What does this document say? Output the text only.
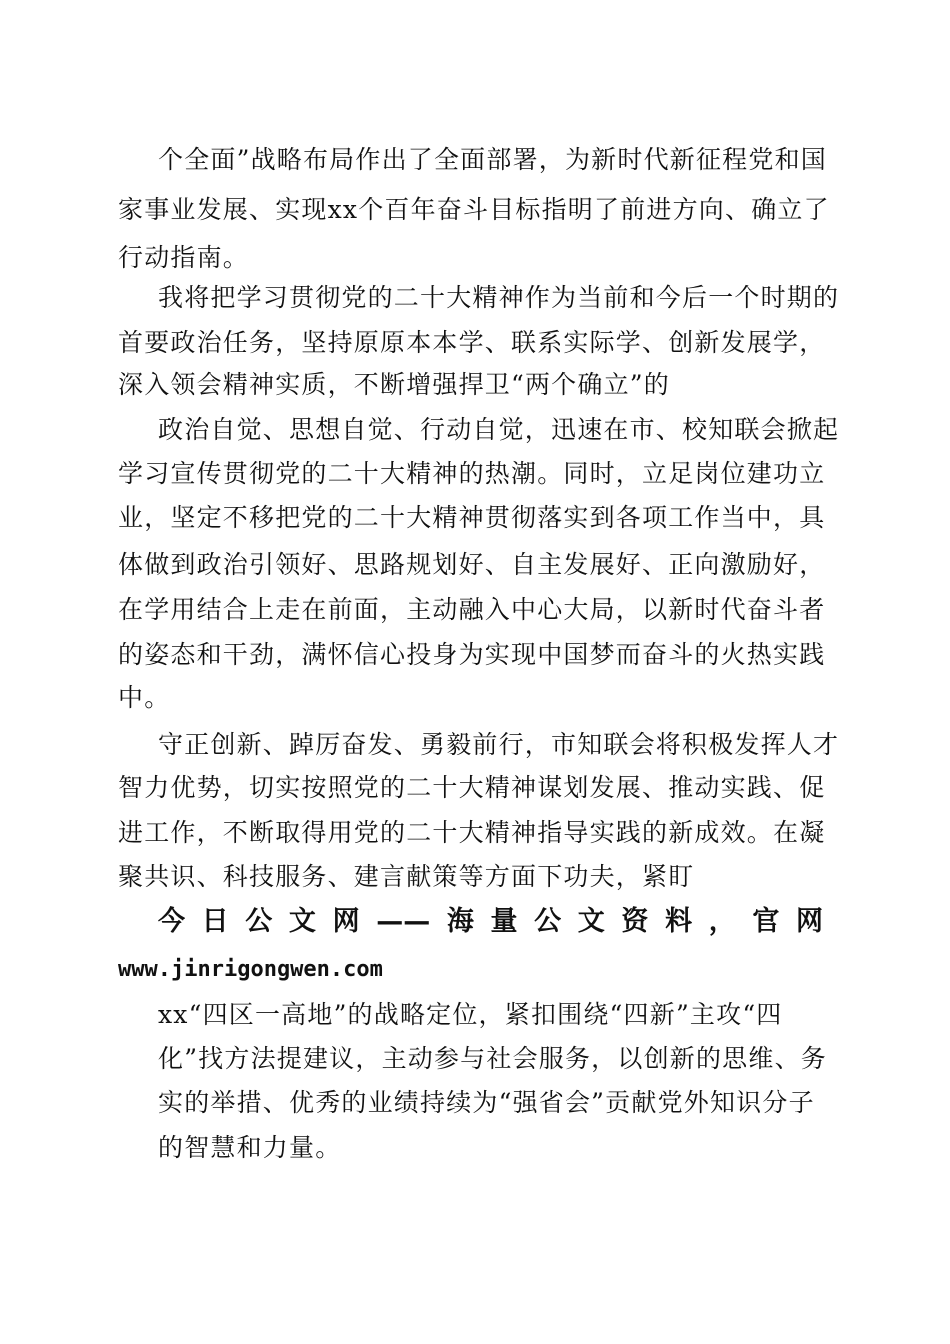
个全面”战略布局作出了全面部署，为新时代新征程党和国
家事业发展、实现xx个百年奋斗目标指明了前进方向、确立了
行动指南。
我将把学习贯彻党的二十大精神作为当前和今后一个时期的
首要政治任务，坚持原原本本学、联系实际学、创新发展学，
深入领会精神实质，不断增强捍卫“两个确立”的
政治自觉、思想自觉、行动自觉，迅速在市、校知联会掀起
学习宣传贯彻党的二十大精神的热潮。同时，立足岗位建功立
业，坚定不移把党的二十大精神贯彻落实到各项工作当中，具
体做到政治引领好、思路规划好、自主发展好、正向激励好，
在学用结合上走在前面，主动融入中心大局，以新时代奋斗者
的姿态和干劲，满怀信心投身为实现中国梦而奋斗的火热实践
中。
守正创新、踔厉奋发、勇毅前行，市知联会将积极发挥人才
智力优势，切实按照党的二十大精神谋划发展、推动实践、促
进工作，不断取得用党的二十大精神指导实践的新成效。在凝
聚共识、科技服务、建言献策等方面下功夫，紧盯
今日公文网——海量公文资料，官网
www.jinrigongwen.com
xx“四区一高地”的战略定位，紧扣围绕“四新”主攻“四
化”找方法提建议，主动参与社会服务，以创新的思维、务
实的举措、优秀的业绩持续为“强省会”贡献党外知识分子
的智慧和力量。
